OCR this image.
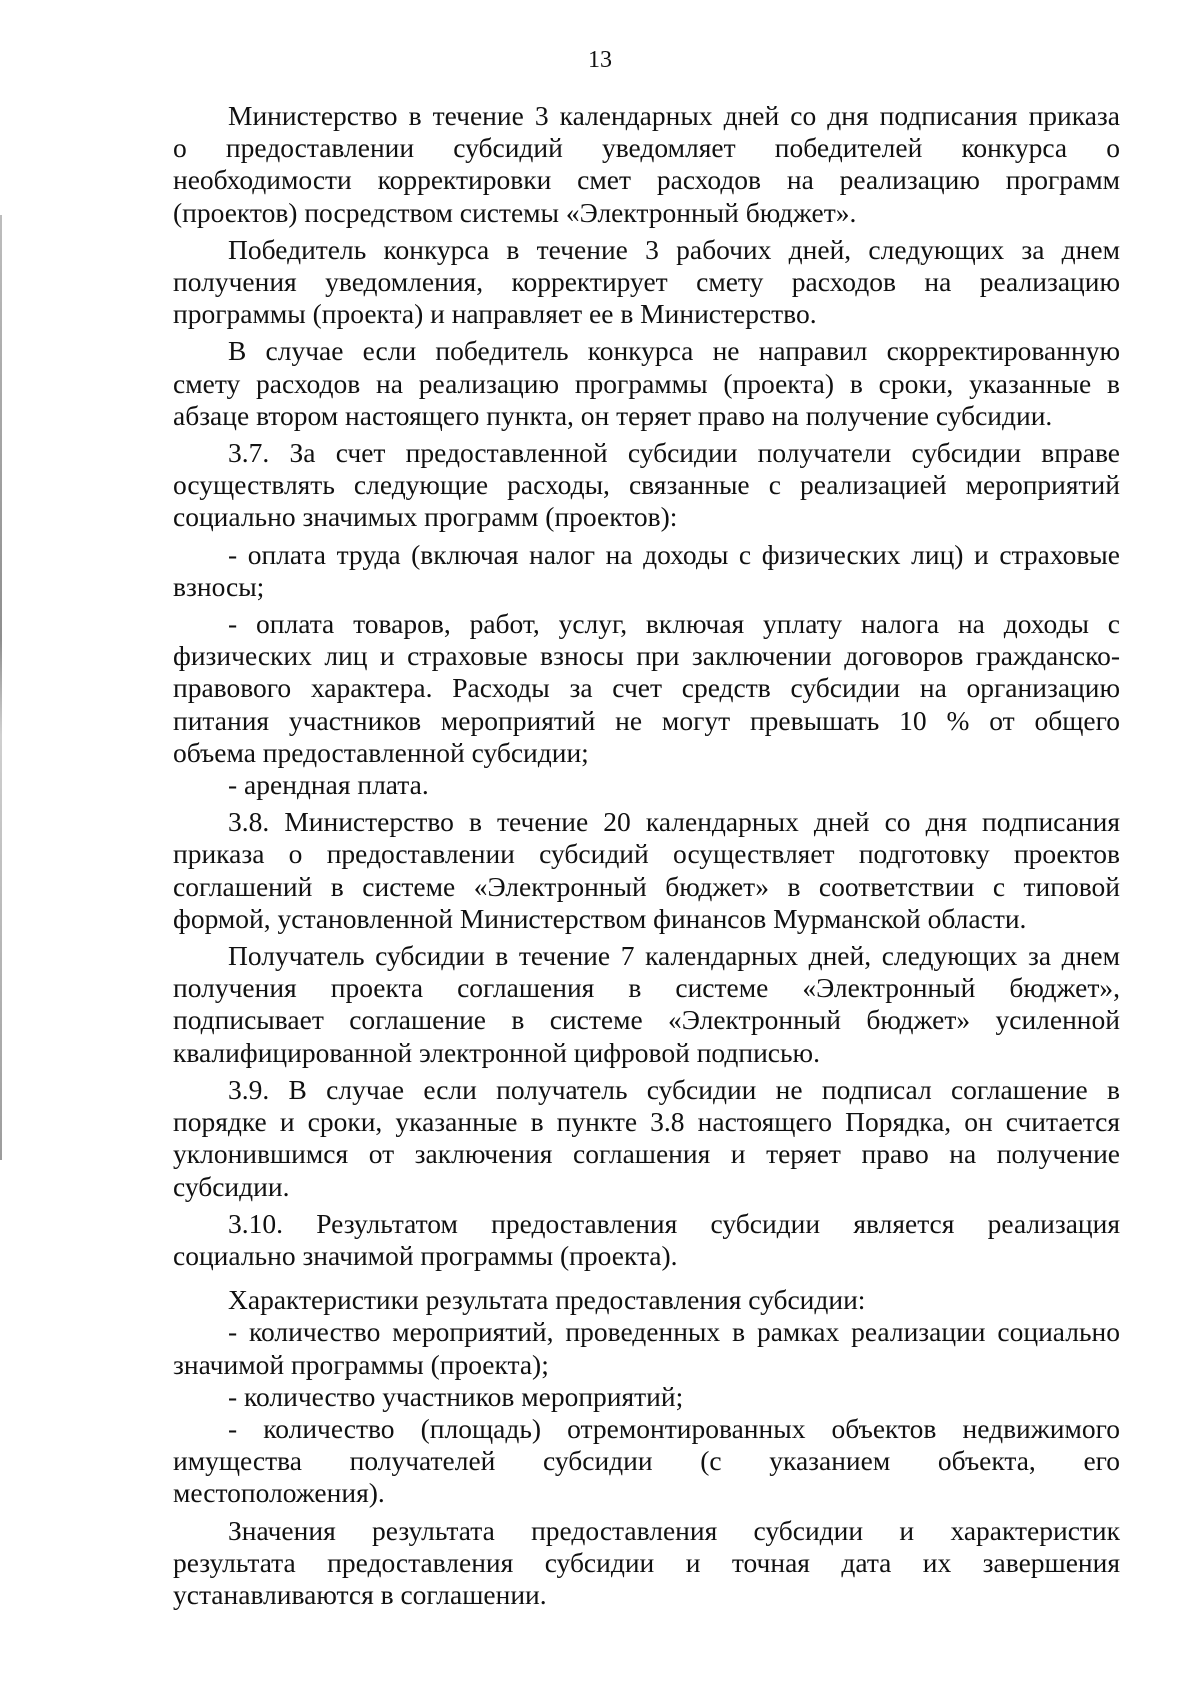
13
Министерство в течение 3 календарных дней со дня подписания приказа
о предоставлении субсидий уведомляет победителей конкурса о
необходимости корректировки смет расходов на реализацию программ
(проектов) посредством системы «Электронный бюджет».
Победитель конкурса в течение 3 рабочих дней, следующих за днем
получения уведомления, корректирует смету расходов на реализацию
программы (проекта) и направляет ее в Министерство.
В случае если победитель конкурса не направил скорректированную
смету расходов на реализацию программы (проекта) в сроки, указанные в
абзаце втором настоящего пункта, он теряет право на получение субсидии.
3.7. За счет предоставленной субсидии получатели субсидии вправе
осуществлять следующие расходы, связанные с реализацией мероприятий
социально значимых программ (проектов):
- оплата труда (включая налог на доходы с физических лиц) и страховые
взносы;
- оплата товаров, работ, услуг, включая уплату налога на доходы с
физических лиц и страховые взносы при заключении договоров гражданско-
правового характера. Расходы за счет средств субсидии на организацию
питания участников мероприятий не могут превышать 10 % от общего
объема предоставленной субсидии;
- арендная плата.
3.8. Министерство в течение 20 календарных дней со дня подписания
приказа о предоставлении субсидий осуществляет подготовку проектов
соглашений в системе «Электронный бюджет» в соответствии с типовой
формой, установленной Министерством финансов Мурманской области.
Получатель субсидии в течение 7 календарных дней, следующих за днем
получения проекта соглашения в системе «Электронный бюджет»,
подписывает соглашение в системе «Электронный бюджет» усиленной
квалифицированной электронной цифровой подписью.
3.9. В случае если получатель субсидии не подписал соглашение в
порядке и сроки, указанные в пункте 3.8 настоящего Порядка, он считается
уклонившимся от заключения соглашения и теряет право на получение
субсидии.
3.10. Результатом предоставления субсидии является реализация
социально значимой программы (проекта).
Характеристики результата предоставления субсидии:
- количество мероприятий, проведенных в рамках реализации социально
значимой программы (проекта);
- количество участников мероприятий;
- количество (площадь) отремонтированных объектов недвижимого
имущества получателей субсидии (с указанием объекта, его
местоположения).
Значения результата предоставления субсидии и характеристик
результата предоставления субсидии и точная дата их завершения
устанавливаются в соглашении.
